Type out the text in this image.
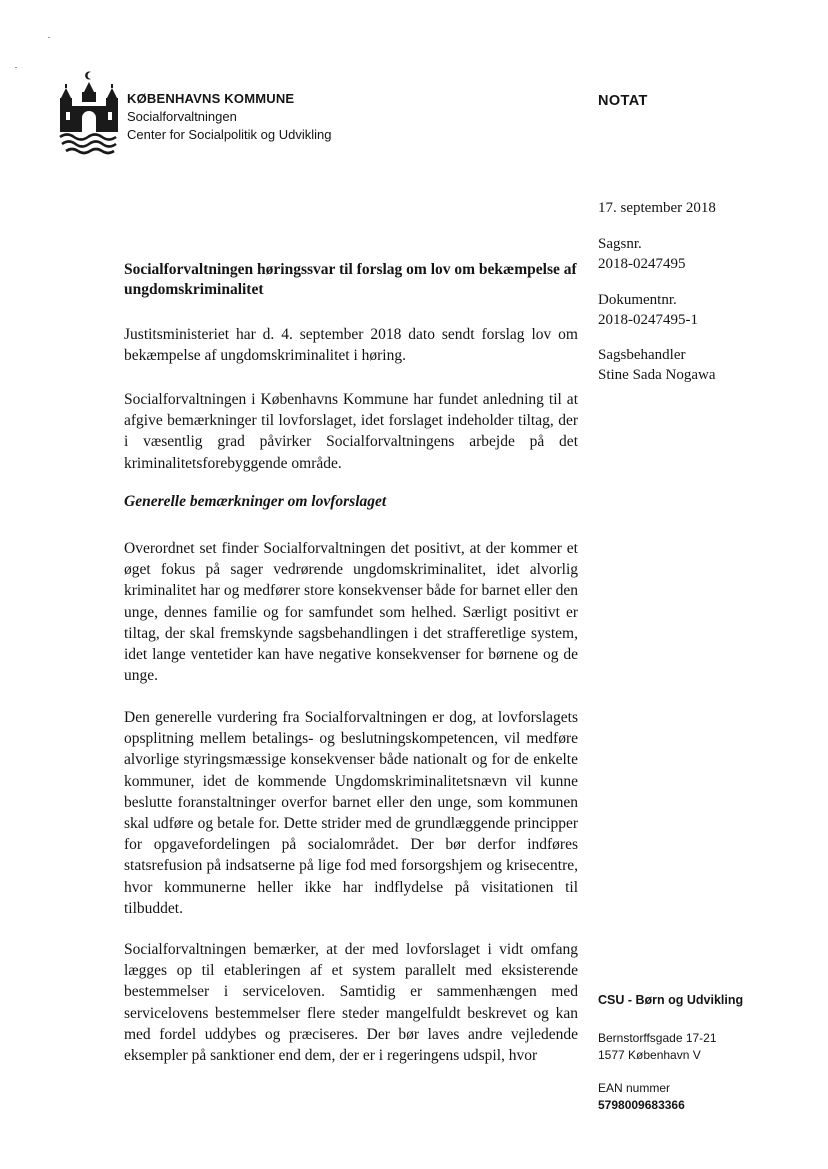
KØBENHAVNS KOMMUNE
Socialforvaltningen
Center for Socialpolitik og Udvikling
NOTAT
17. september 2018
Sagsnr.
2018-0247495
Dokumentnr.
2018-0247495-1
Sagsbehandler
Stine Sada Nogawa
Socialforvaltningen høringssvar til forslag om lov om bekæmpelse af ungdomskriminalitet

Justitsministeriet har d. 4. september 2018 dato sendt forslag lov om bekæmpelse af ungdomskriminalitet i høring.

Socialforvaltningen i Københavns Kommune har fundet anledning til at afgive bemærkninger til lovforslaget, idet forslaget indeholder tiltag, der i væsentlig grad påvirker Socialforvaltningens arbejde på det kriminalitetsforebyggende område.

Generelle bemærkninger om lovforslaget

Overordnet set finder Socialforvaltningen det positivt, at der kommer et øget fokus på sager vedrørende ungdomskriminalitet, idet alvorlig kriminalitet har og medfører store konsekvenser både for barnet eller den unge, dennes familie og for samfundet som helhed. Særligt positivt er tiltag, der skal fremskynde sagsbehandlingen i det strafferetlige system, idet lange ventetider kan have negative konsekvenser for børnene og de unge.

Den generelle vurdering fra Socialforvaltningen er dog, at lovforslagets opsplitning mellem betalings- og beslutningskompetencen, vil medføre alvorlige styringsmæssige konsekvenser både nationalt og for de enkelte kommuner, idet de kommende Ungdomskriminalitetsnævn vil kunne beslutte foranstaltninger overfor barnet eller den unge, som kommunen skal udføre og betale for. Dette strider med de grundlæggende principper for opgavefordelingen på socialområdet. Der bør derfor indføres statsrefusion på indsatserne på lige fod med forsorgshjem og krisecentre, hvor kommunerne heller ikke har indflydelse på visitationen til tilbuddet.

Socialforvaltningen bemærker, at der med lovforslaget i vidt omfang lægges op til etableringen af et system parallelt med eksisterende bestemmelser i serviceloven. Samtidig er sammenhængen med servicelovens bestemmelser flere steder mangelfuldt beskrevet og kan med fordel uddybes og præciseres. Der bør laves andre vejledende eksempler på sanktioner end dem, der er i regeringens udspil, hvor

CSU - Børn og Udvikling
Bernstorffsgade 17-21
1577 København V
EAN nummer
5798009683366
